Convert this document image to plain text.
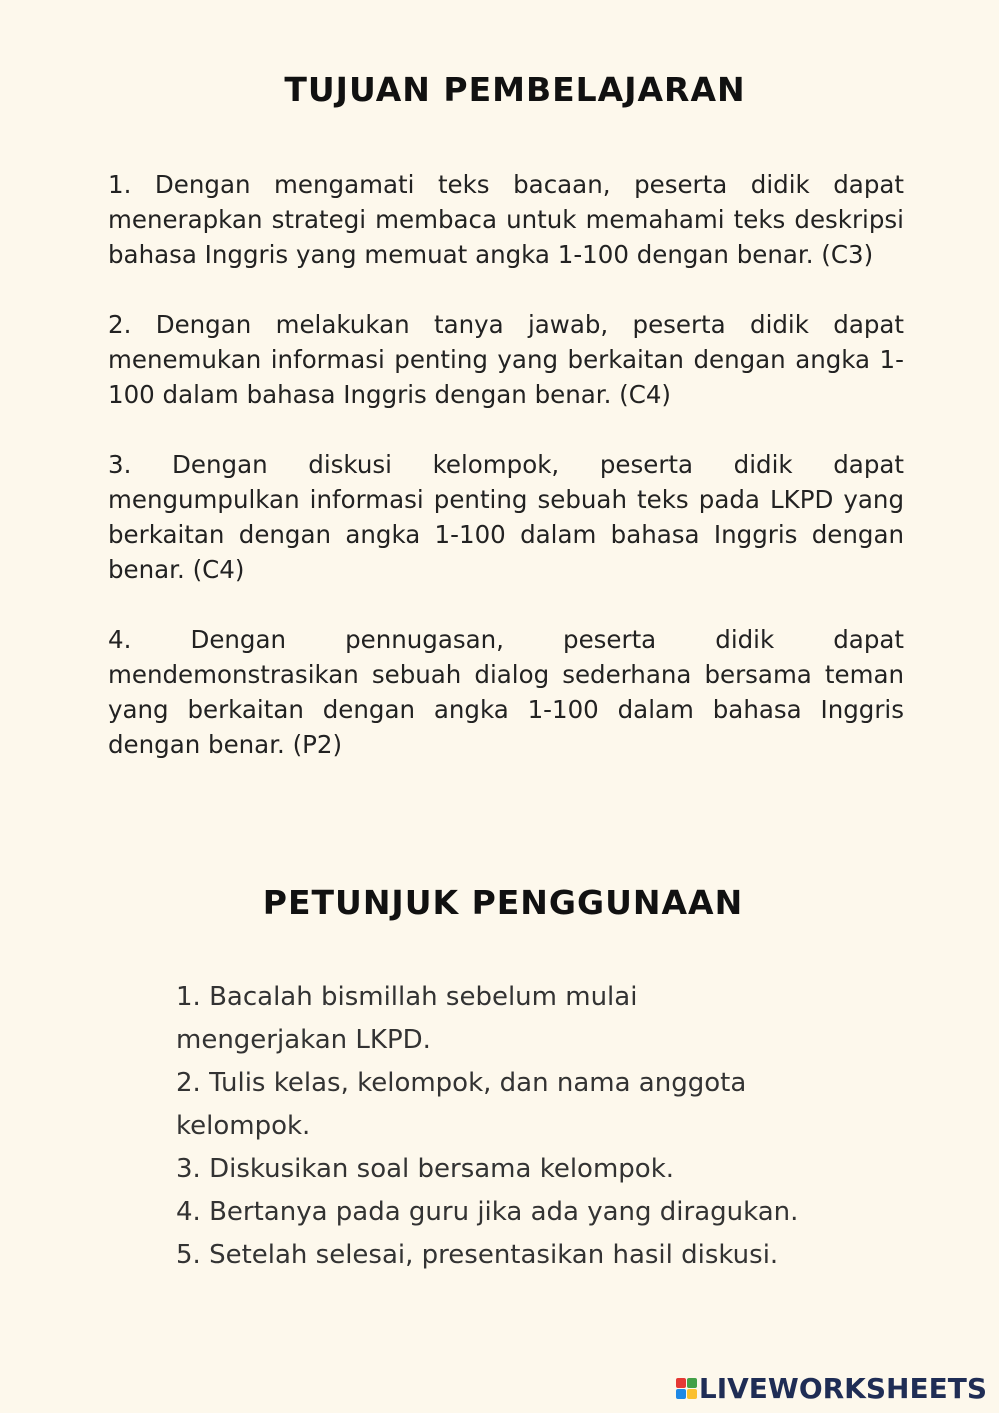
TUJUAN PEMBELAJARAN
1. Dengan mengamati teks bacaan, peserta didik dapat menerapkan strategi membaca untuk memahami teks deskripsi bahasa Inggris yang memuat angka 1-100 dengan benar. (C3)
2. Dengan melakukan tanya jawab, peserta didik dapat menemukan informasi penting yang berkaitan dengan angka 1-100 dalam bahasa Inggris dengan benar. (C4)
3. Dengan diskusi kelompok, peserta didik dapat mengumpulkan informasi penting sebuah teks pada LKPD yang berkaitan dengan angka 1-100 dalam bahasa Inggris dengan benar. (C4)
4. Dengan pennugasan, peserta didik dapat mendemonstrasikan sebuah dialog sederhana bersama teman yang berkaitan dengan angka 1-100 dalam bahasa Inggris dengan benar. (P2)
PETUNJUK PENGGUNAAN
1. Bacalah bismillah sebelum mulai mengerjakan LKPD.
2. Tulis kelas, kelompok, dan nama anggota kelompok.
3. Diskusikan soal bersama kelompok.
4. Bertanya pada guru jika ada yang diragukan.
5. Setelah selesai, presentasikan hasil diskusi.
LIVEWORKSHEETS
